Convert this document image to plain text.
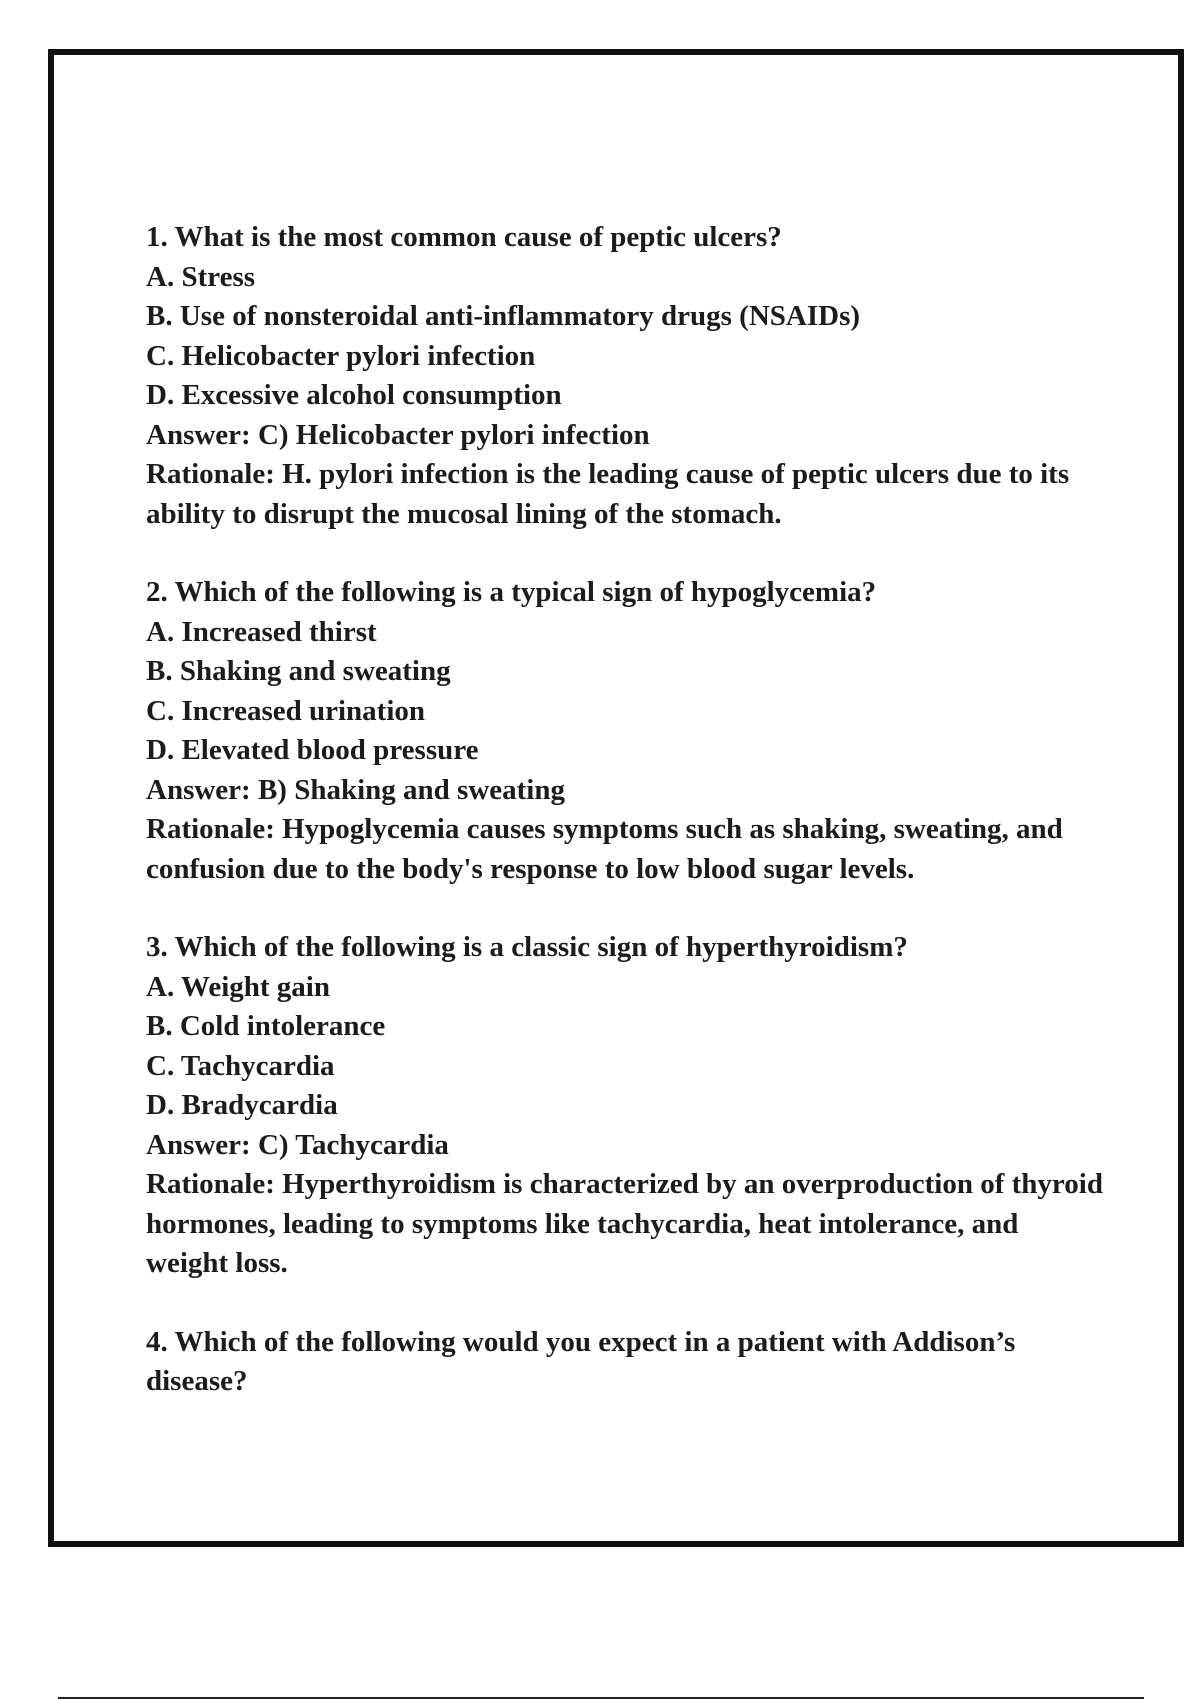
1. What is the most common cause of peptic ulcers?
A. Stress
B. Use of nonsteroidal anti-inflammatory drugs (NSAIDs)
C. Helicobacter pylori infection
D. Excessive alcohol consumption
Answer: C) Helicobacter pylori infection
Rationale: H. pylori infection is the leading cause of peptic ulcers due to its ability to disrupt the mucosal lining of the stomach.
2. Which of the following is a typical sign of hypoglycemia?
A. Increased thirst
B. Shaking and sweating
C. Increased urination
D. Elevated blood pressure
Answer: B) Shaking and sweating
Rationale: Hypoglycemia causes symptoms such as shaking, sweating, and confusion due to the body's response to low blood sugar levels.
3. Which of the following is a classic sign of hyperthyroidism?
A. Weight gain
B. Cold intolerance
C. Tachycardia
D. Bradycardia
Answer: C) Tachycardia
Rationale: Hyperthyroidism is characterized by an overproduction of thyroid hormones, leading to symptoms like tachycardia, heat intolerance, and weight loss.
4. Which of the following would you expect in a patient with Addison’s disease?
